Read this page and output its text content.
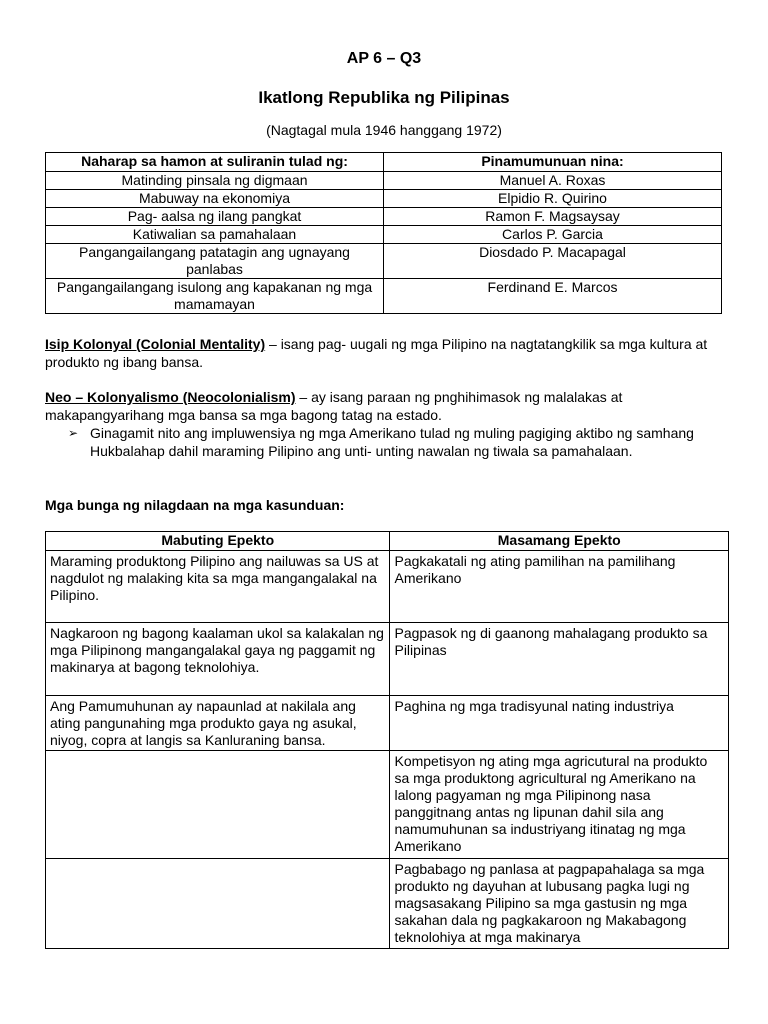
AP 6 – Q3
Ikatlong Republika ng Pilipinas
(Nagtagal mula 1946 hanggang 1972)
Naharap sa hamon at suliranin tulad ng:	Pinamumunuan nina:
Matinding pinsala ng digmaan	Manuel A. Roxas
Mabuway na ekonomiya	Elpidio R. Quirino
Pag- aalsa ng ilang pangkat	Ramon F. Magsaysay
Katiwalian sa pamahalaan	Carlos P. Garcia
Pangangailangang patatagin ang ugnayang panlabas	Diosdado P. Macapagal
Pangangailangang isulong ang kapakanan ng mga mamamayan	Ferdinand E. Marcos
Isip Kolonyal (Colonial Mentality) – isang pag- uugali ng mga Pilipino na nagtatangkilik sa mga kultura at produkto ng ibang bansa.
Neo – Kolonyalismo (Neocolonialism) – ay isang paraan ng pnghihimasok ng malalakas at makapangyarihang mga bansa sa mga bagong tatag na estado.
➢ Ginagamit nito ang impluwensiya ng mga Amerikano tulad ng muling pagiging aktibo ng samhang Hukbalahap dahil maraming Pilipino ang unti- unting nawalan ng tiwala sa pamahalaan.
Mga bunga ng nilagdaan na mga kasunduan:
Mabuting Epekto	Masamang Epekto
Maraming produktong Pilipino ang nailuwas sa US at nagdulot ng malaking kita sa mga mangangalakal na Pilipino.	Pagkakatali ng ating pamilihan na pamilihang Amerikano
Nagkaroon ng bagong kaalaman ukol sa kalakalan ng mga Pilipinong mangangalakal gaya ng paggamit ng makinarya at bagong teknolohiya.	Pagpasok ng di gaanong mahalagang produkto sa Pilipinas
Ang Pamumuhunan ay napaunlad at nakilala ang ating pangunahing mga produkto gaya ng asukal, niyog, copra at langis sa Kanluraning bansa.	Paghina ng mga tradisyunal nating industriya
	Kompetisyon ng ating mga agricutural na produkto sa mga produktong agricultural ng Amerikano na lalong pagyaman ng mga Pilipinong nasa panggitnang antas ng lipunan dahil sila ang namumuhunan sa industriyang itinatag ng mga Amerikano
	Pagbabago ng panlasa at pagpapahalaga sa mga produkto ng dayuhan at lubusang pagka lugi ng magsasakang Pilipino sa mga gastusin ng mga sakahan dala ng pagkakaroon ng Makabagong teknolohiya at mga makinarya
